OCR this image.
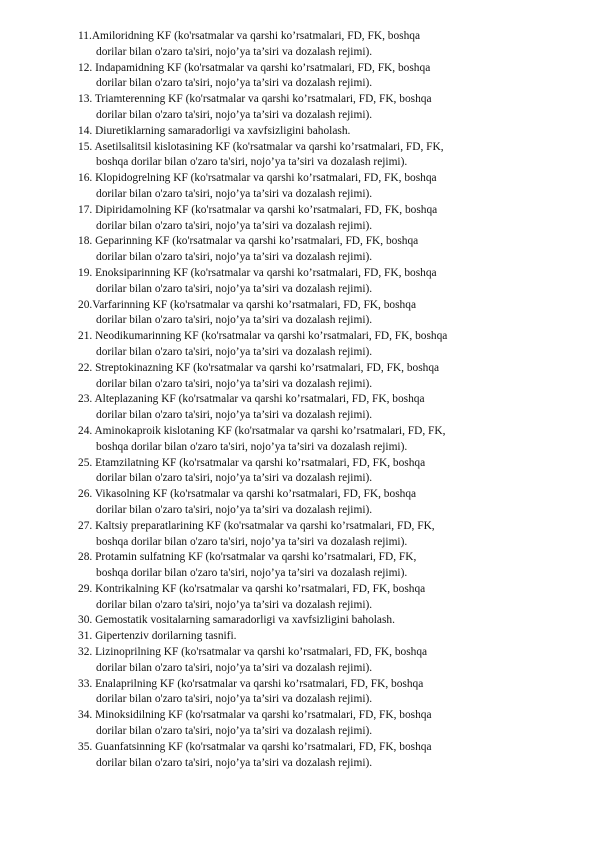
11.Amiloridning KF (ko'rsatmalar va qarshi ko’rsatmalari, FD, FK, boshqa
dorilar bilan o'zaro ta'siri, nojo’ya ta’siri va dozalash rejimi).
12. Indapamidning KF (ko'rsatmalar va qarshi ko’rsatmalari, FD, FK, boshqa
dorilar bilan o'zaro ta'siri, nojo’ya ta’siri va dozalash rejimi).
13. Triamterenning KF (ko'rsatmalar va qarshi ko’rsatmalari, FD, FK, boshqa
dorilar bilan o'zaro ta'siri, nojo’ya ta’siri va dozalash rejimi).
14. Diuretiklarning samaradorligi va xavfsizligini baholash.
15. Asetilsalitsil kislotasining KF (ko'rsatmalar va qarshi ko’rsatmalari, FD, FK,
boshqa dorilar bilan o'zaro ta'siri, nojo’ya ta’siri va dozalash rejimi).
16. Klopidogrelning KF (ko'rsatmalar va qarshi ko’rsatmalari, FD, FK, boshqa
dorilar bilan o'zaro ta'siri, nojo’ya ta’siri va dozalash rejimi).
17. Dipiridamolning KF (ko'rsatmalar va qarshi ko’rsatmalari, FD, FK, boshqa
dorilar bilan o'zaro ta'siri, nojo’ya ta’siri va dozalash rejimi).
18. Geparinning KF (ko'rsatmalar va qarshi ko’rsatmalari, FD, FK, boshqa
dorilar bilan o'zaro ta'siri, nojo’ya ta’siri va dozalash rejimi).
19. Enoksiparinning KF (ko'rsatmalar va qarshi ko’rsatmalari, FD, FK, boshqa
dorilar bilan o'zaro ta'siri, nojo’ya ta’siri va dozalash rejimi).
20.Varfarinning KF (ko'rsatmalar va qarshi ko’rsatmalari, FD, FK, boshqa
dorilar bilan o'zaro ta'siri, nojo’ya ta’siri va dozalash rejimi).
21. Neodikumarinning KF (ko'rsatmalar va qarshi ko’rsatmalari, FD, FK, boshqa
dorilar bilan o'zaro ta'siri, nojo’ya ta’siri va dozalash rejimi).
22. Streptokinazning KF (ko'rsatmalar va qarshi ko’rsatmalari, FD, FK, boshqa
dorilar bilan o'zaro ta'siri, nojo’ya ta’siri va dozalash rejimi).
23. Alteplazaning KF (ko'rsatmalar va qarshi ko’rsatmalari, FD, FK, boshqa
dorilar bilan o'zaro ta'siri, nojo’ya ta’siri va dozalash rejimi).
24. Aminokaproik kislotaning KF (ko'rsatmalar va qarshi ko’rsatmalari, FD, FK,
boshqa dorilar bilan o'zaro ta'siri, nojo’ya ta’siri va dozalash rejimi).
25. Etamzilatning KF (ko'rsatmalar va qarshi ko’rsatmalari, FD, FK, boshqa
dorilar bilan o'zaro ta'siri, nojo’ya ta’siri va dozalash rejimi).
26. Vikasolning KF (ko'rsatmalar va qarshi ko’rsatmalari, FD, FK, boshqa
dorilar bilan o'zaro ta'siri, nojo’ya ta’siri va dozalash rejimi).
27. Kaltsiy preparatlarining KF (ko'rsatmalar va qarshi ko’rsatmalari, FD, FK,
boshqa dorilar bilan o'zaro ta'siri, nojo’ya ta’siri va dozalash rejimi).
28. Protamin sulfatning KF (ko'rsatmalar va qarshi ko’rsatmalari, FD, FK,
boshqa dorilar bilan o'zaro ta'siri, nojo’ya ta’siri va dozalash rejimi).
29. Kontrikalning KF (ko'rsatmalar va qarshi ko’rsatmalari, FD, FK, boshqa
dorilar bilan o'zaro ta'siri, nojo’ya ta’siri va dozalash rejimi).
30. Gemostatik vositalarning samaradorligi va xavfsizligini baholash.
31. Gipertenziv dorilarning tasnifi.
32. Lizinoprilning KF (ko'rsatmalar va qarshi ko’rsatmalari, FD, FK, boshqa
dorilar bilan o'zaro ta'siri, nojo’ya ta’siri va dozalash rejimi).
33. Enalaprilning KF (ko'rsatmalar va qarshi ko’rsatmalari, FD, FK, boshqa
dorilar bilan o'zaro ta'siri, nojo’ya ta’siri va dozalash rejimi).
34. Minoksidilning KF (ko'rsatmalar va qarshi ko’rsatmalari, FD, FK, boshqa
dorilar bilan o'zaro ta'siri, nojo’ya ta’siri va dozalash rejimi).
35. Guanfatsinning KF (ko'rsatmalar va qarshi ko’rsatmalari, FD, FK, boshqa
dorilar bilan o'zaro ta'siri, nojo’ya ta’siri va dozalash rejimi).
